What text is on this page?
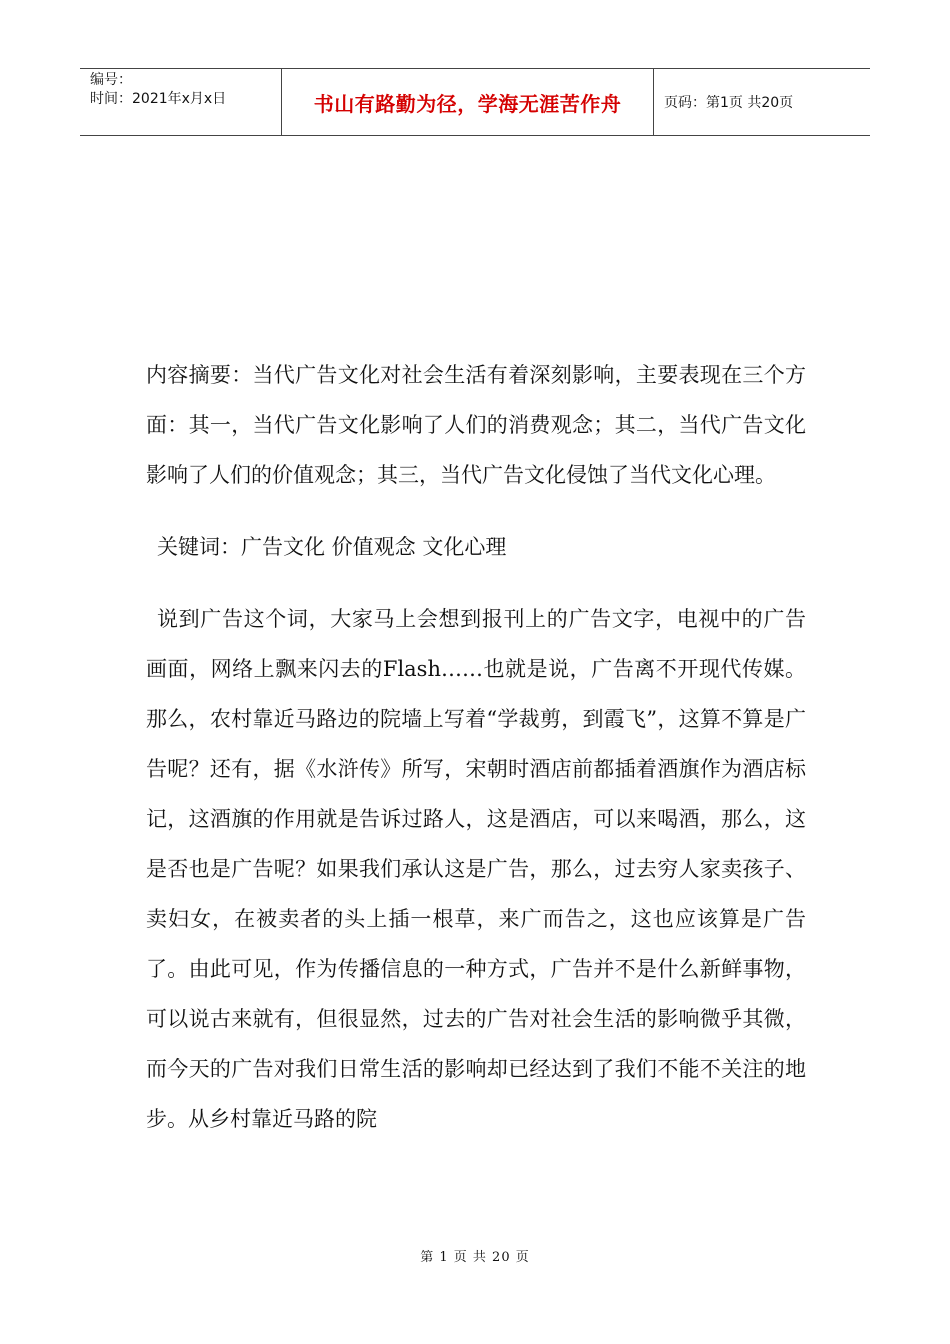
编号：
时间：2021年x月x日	书山有路勤为径，学海无涯苦作舟	页码：第1页 共20页

内容摘要：当代广告文化对社会生活有着深刻影响，主要表现在三个方面：其一，当代广告文化影响了人们的消费观念；其二，当代广告文化影响了人们的价值观念；其三，当代广告文化侵蚀了当代文化心理。

关键词：广告文化 价值观念 文化心理

说到广告这个词，大家马上会想到报刊上的广告文字，电视中的广告画面，网络上飘来闪去的Flash……也就是说，广告离不开现代传媒。那么，农村靠近马路边的院墙上写着“学裁剪，到霞飞”，这算不算是广告呢？还有，据《水浒传》所写，宋朝时酒店前都插着酒旗作为酒店标记，这酒旗的作用就是告诉过路人，这是酒店，可以来喝酒，那么，这是否也是广告呢？如果我们承认这是广告，那么，过去穷人家卖孩子、卖妇女，在被卖者的头上插一根草，来广而告之，这也应该算是广告了。由此可见，作为传播信息的一种方式，广告并不是什么新鲜事物，可以说古来就有，但很显然，过去的广告对社会生活的影响微乎其微，而今天的广告对我们日常生活的影响却已经达到了我们不能不关注的地步。从乡村靠近马路的院

第 1 页 共 20 页
